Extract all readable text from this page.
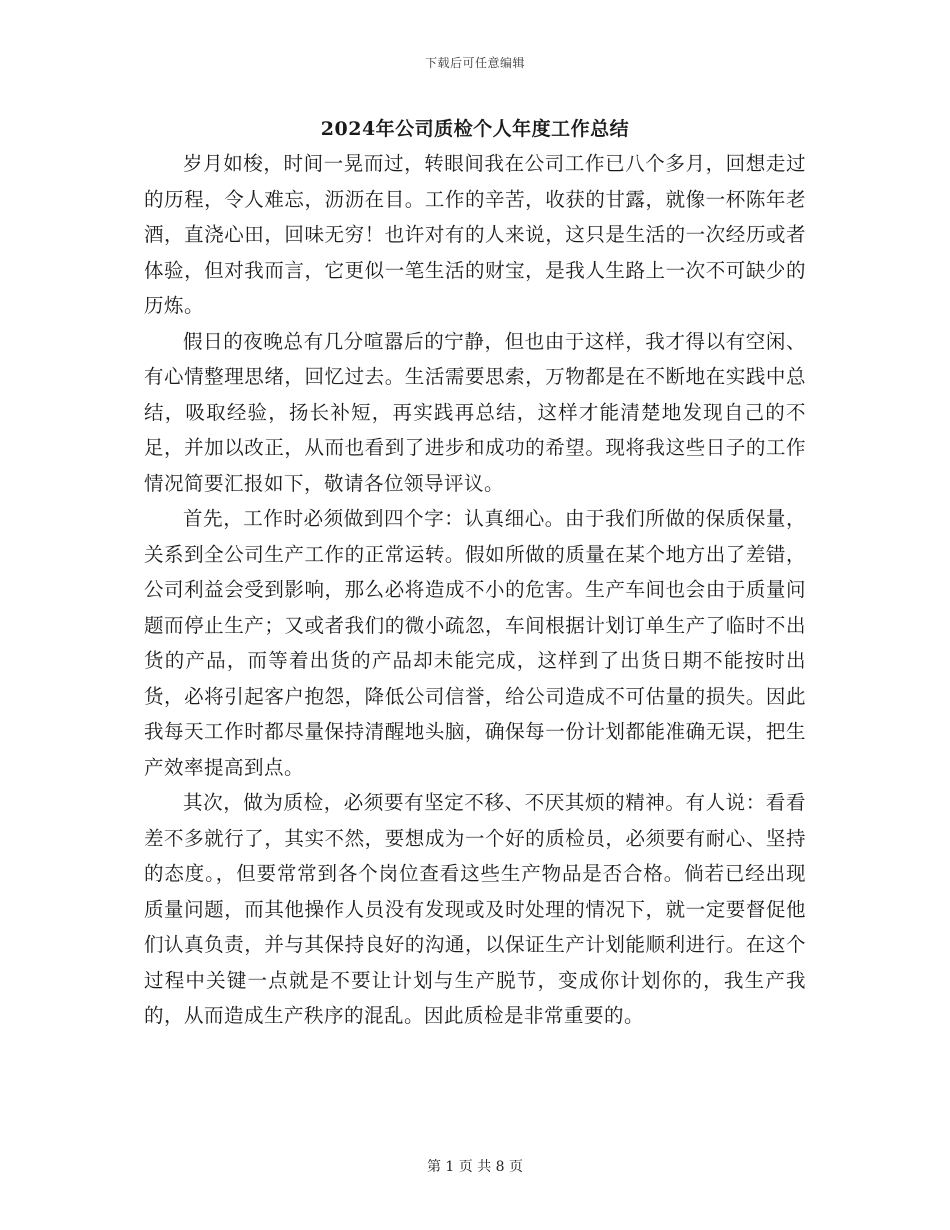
下载后可任意编辑
2024年公司质检个人年度工作总结

岁月如梭，时间一晃而过，转眼间我在公司工作已八个多月，回想走过的历程，令人难忘，沥沥在目。工作的辛苦，收获的甘露，就像一杯陈年老酒，直浇心田，回味无穷！也许对有的人来说，这只是生活的一次经历或者体验，但对我而言，它更似一笔生活的财宝，是我人生路上一次不可缺少的历炼。

假日的夜晚总有几分喧嚣后的宁静，但也由于这样，我才得以有空闲、有心情整理思绪，回忆过去。生活需要思索，万物都是在不断地在实践中总结，吸取经验，扬长补短，再实践再总结，这样才能清楚地发现自己的不足，并加以改正，从而也看到了进步和成功的希望。现将我这些日子的工作情况简要汇报如下，敬请各位领导评议。

首先，工作时必须做到四个字：认真细心。由于我们所做的保质保量，关系到全公司生产工作的正常运转。假如所做的质量在某个地方出了差错，公司利益会受到影响，那么必将造成不小的危害。生产车间也会由于质量问题而停止生产；又或者我们的微小疏忽，车间根据计划订单生产了临时不出货的产品，而等着出货的产品却未能完成，这样到了出货日期不能按时出货，必将引起客户抱怨，降低公司信誉，给公司造成不可估量的损失。因此我每天工作时都尽量保持清醒地头脑，确保每一份计划都能准确无误，把生产效率提高到点。

其次，做为质检，必须要有坚定不移、不厌其烦的精神。有人说：看看差不多就行了，其实不然，要想成为一个好的质检员，必须要有耐心、坚持的态度。，但要常常到各个岗位查看这些生产物品是否合格。倘若已经出现质量问题，而其他操作人员没有发现或及时处理的情况下，就一定要督促他们认真负责，并与其保持良好的沟通，以保证生产计划能顺利进行。在这个过程中关键一点就是不要让计划与生产脱节，变成你计划你的，我生产我的，从而造成生产秩序的混乱。因此质检是非常重要的。

第 1 页 共 8 页
